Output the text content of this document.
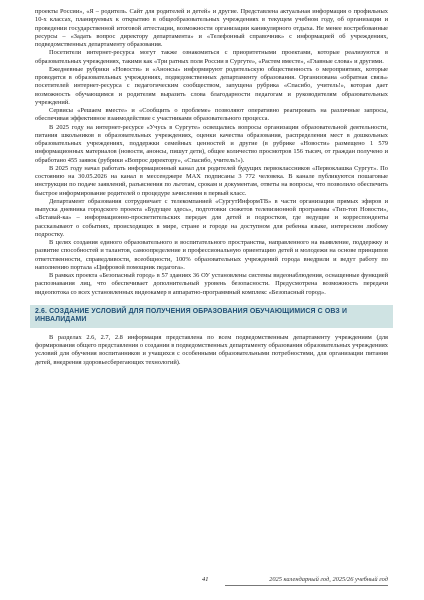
проекты России», «Я – родитель. Сайт для родителей и детей» и другие. Представлена актуальная информация о профильных 10-х классах, планируемых к открытию в общеобразовательных учреждениях в текущем учебном году, об организации и проведении государственной итоговой аттестации, возможности организации каникулярного отдыха. Не менее востребованные ресурсы – «Задать вопрос директору департамента» и «Телефонный справочник» с информацией об учреждениях, подведомственных департаменту образования.

Посетители интернет-ресурса могут также ознакомиться с приоритетными проектами, которые реализуются в образовательных учреждениях, такими как «Три ратных поля России в Сургуте», «Растем вместе», «Главные слова» и другими.

Ежедневные рубрики «Новости» и «Анонсы» информируют родительскую общественность о мероприятиях, которые проводятся в образовательных учреждениях, подведомственных департаменту образования. Организована «обратная связь» посетителей интернет-ресурса с педагогическим сообществом, запущена рубрика «Спасибо, учитель!», которая дает возможность обучающимся и родителям выразить слова благодарности педагогам и руководителям образовательных учреждений.

Сервисы «Решаем вместе» и «Сообщить о проблеме» позволяют оперативно реагировать на различные запросы, обеспечивая эффективное взаимодействие с участниками образовательного процесса.

В 2025 году на интернет-ресурсе «Учусь в Сургуте» освещались вопросы организации образовательной деятельности, питания школьников в образовательных учреждениях, оценки качества образования, распределения мест в дошкольных образовательных учреждениях, поддержки семейных ценностей и другие (в рубрике «Новости» размещено 1 579 информационных материалов (новости, анонсы, пишут дети), общее количество просмотров 156 тысяч, от граждан получено и обработано 455 заявок (рубрики «Вопрос директору», «Спасибо, учитель!»).

В 2025 году начал работать информационный канал для родителей будущих первоклассников «Первоклашка Сургут». По состоянию на 30.05.2026 на канал в мессенджере MAX подписаны 3 772 человека. В канале публикуются пошаговые инструкции по подаче заявлений, разъяснения по льготам, срокам и документам, ответы на вопросы, что позволило обеспечить быстрое информирование родителей о процедуре зачисления в первый класс.

Департамент образования сотрудничает с телекомпанией «СургутИнформТВ» в части организации прямых эфиров и выпуска дневника городского проекта «Будущее здесь», подготовки сюжетов телевизионной программы «Тип-топ Новости», «Вставай-ка» – информационно-просветительских передач для детей и подростков, где ведущие и корреспонденты рассказывают о событиях, происходящих в мире, стране и городе на доступном для ребенка языке, интересном любому подростку.

В целях создания единого образовательного и воспитательного пространства, направленного на выявление, поддержку и развитие способностей и талантов, самоопределение и профессиональную ориентацию детей и молодежи на основе принципов ответственности, справедливости, всеобщности, 100% образовательных учреждений города внедрили и ведут работу по наполнению портала «Цифровой помощник педагога».

В рамках проекта «Безопасный город» в 57 зданиях 36 ОУ установлены системы видеонаблюдения, оснащенные функцией распознавания лиц, что обеспечивает дополнительный уровень безопасности. Предусмотрена возможность передачи видеопотока со всех установленных видеокамер в аппаратно-программный комплекс «Безопасный город».

2.6. СОЗДАНИЕ УСЛОВИЙ ДЛЯ ПОЛУЧЕНИЯ ОБРАЗОВАНИЯ ОБУЧАЮЩИМИСЯ С ОВЗ И ИНВАЛИДАМИ

В разделах 2.6, 2.7, 2.8 информация представлена по всем подведомственным департаменту учреждениям (для формирования общего представления о создании в подведомственных департаменту образования образовательных учреждениях условий для обучения воспитанников и учащихся с особенными образовательными потребностями, для организации питания детей, внедрения здоровьесберегающих технологий).

41	2025 календарный год, 2025/26 учебный год
